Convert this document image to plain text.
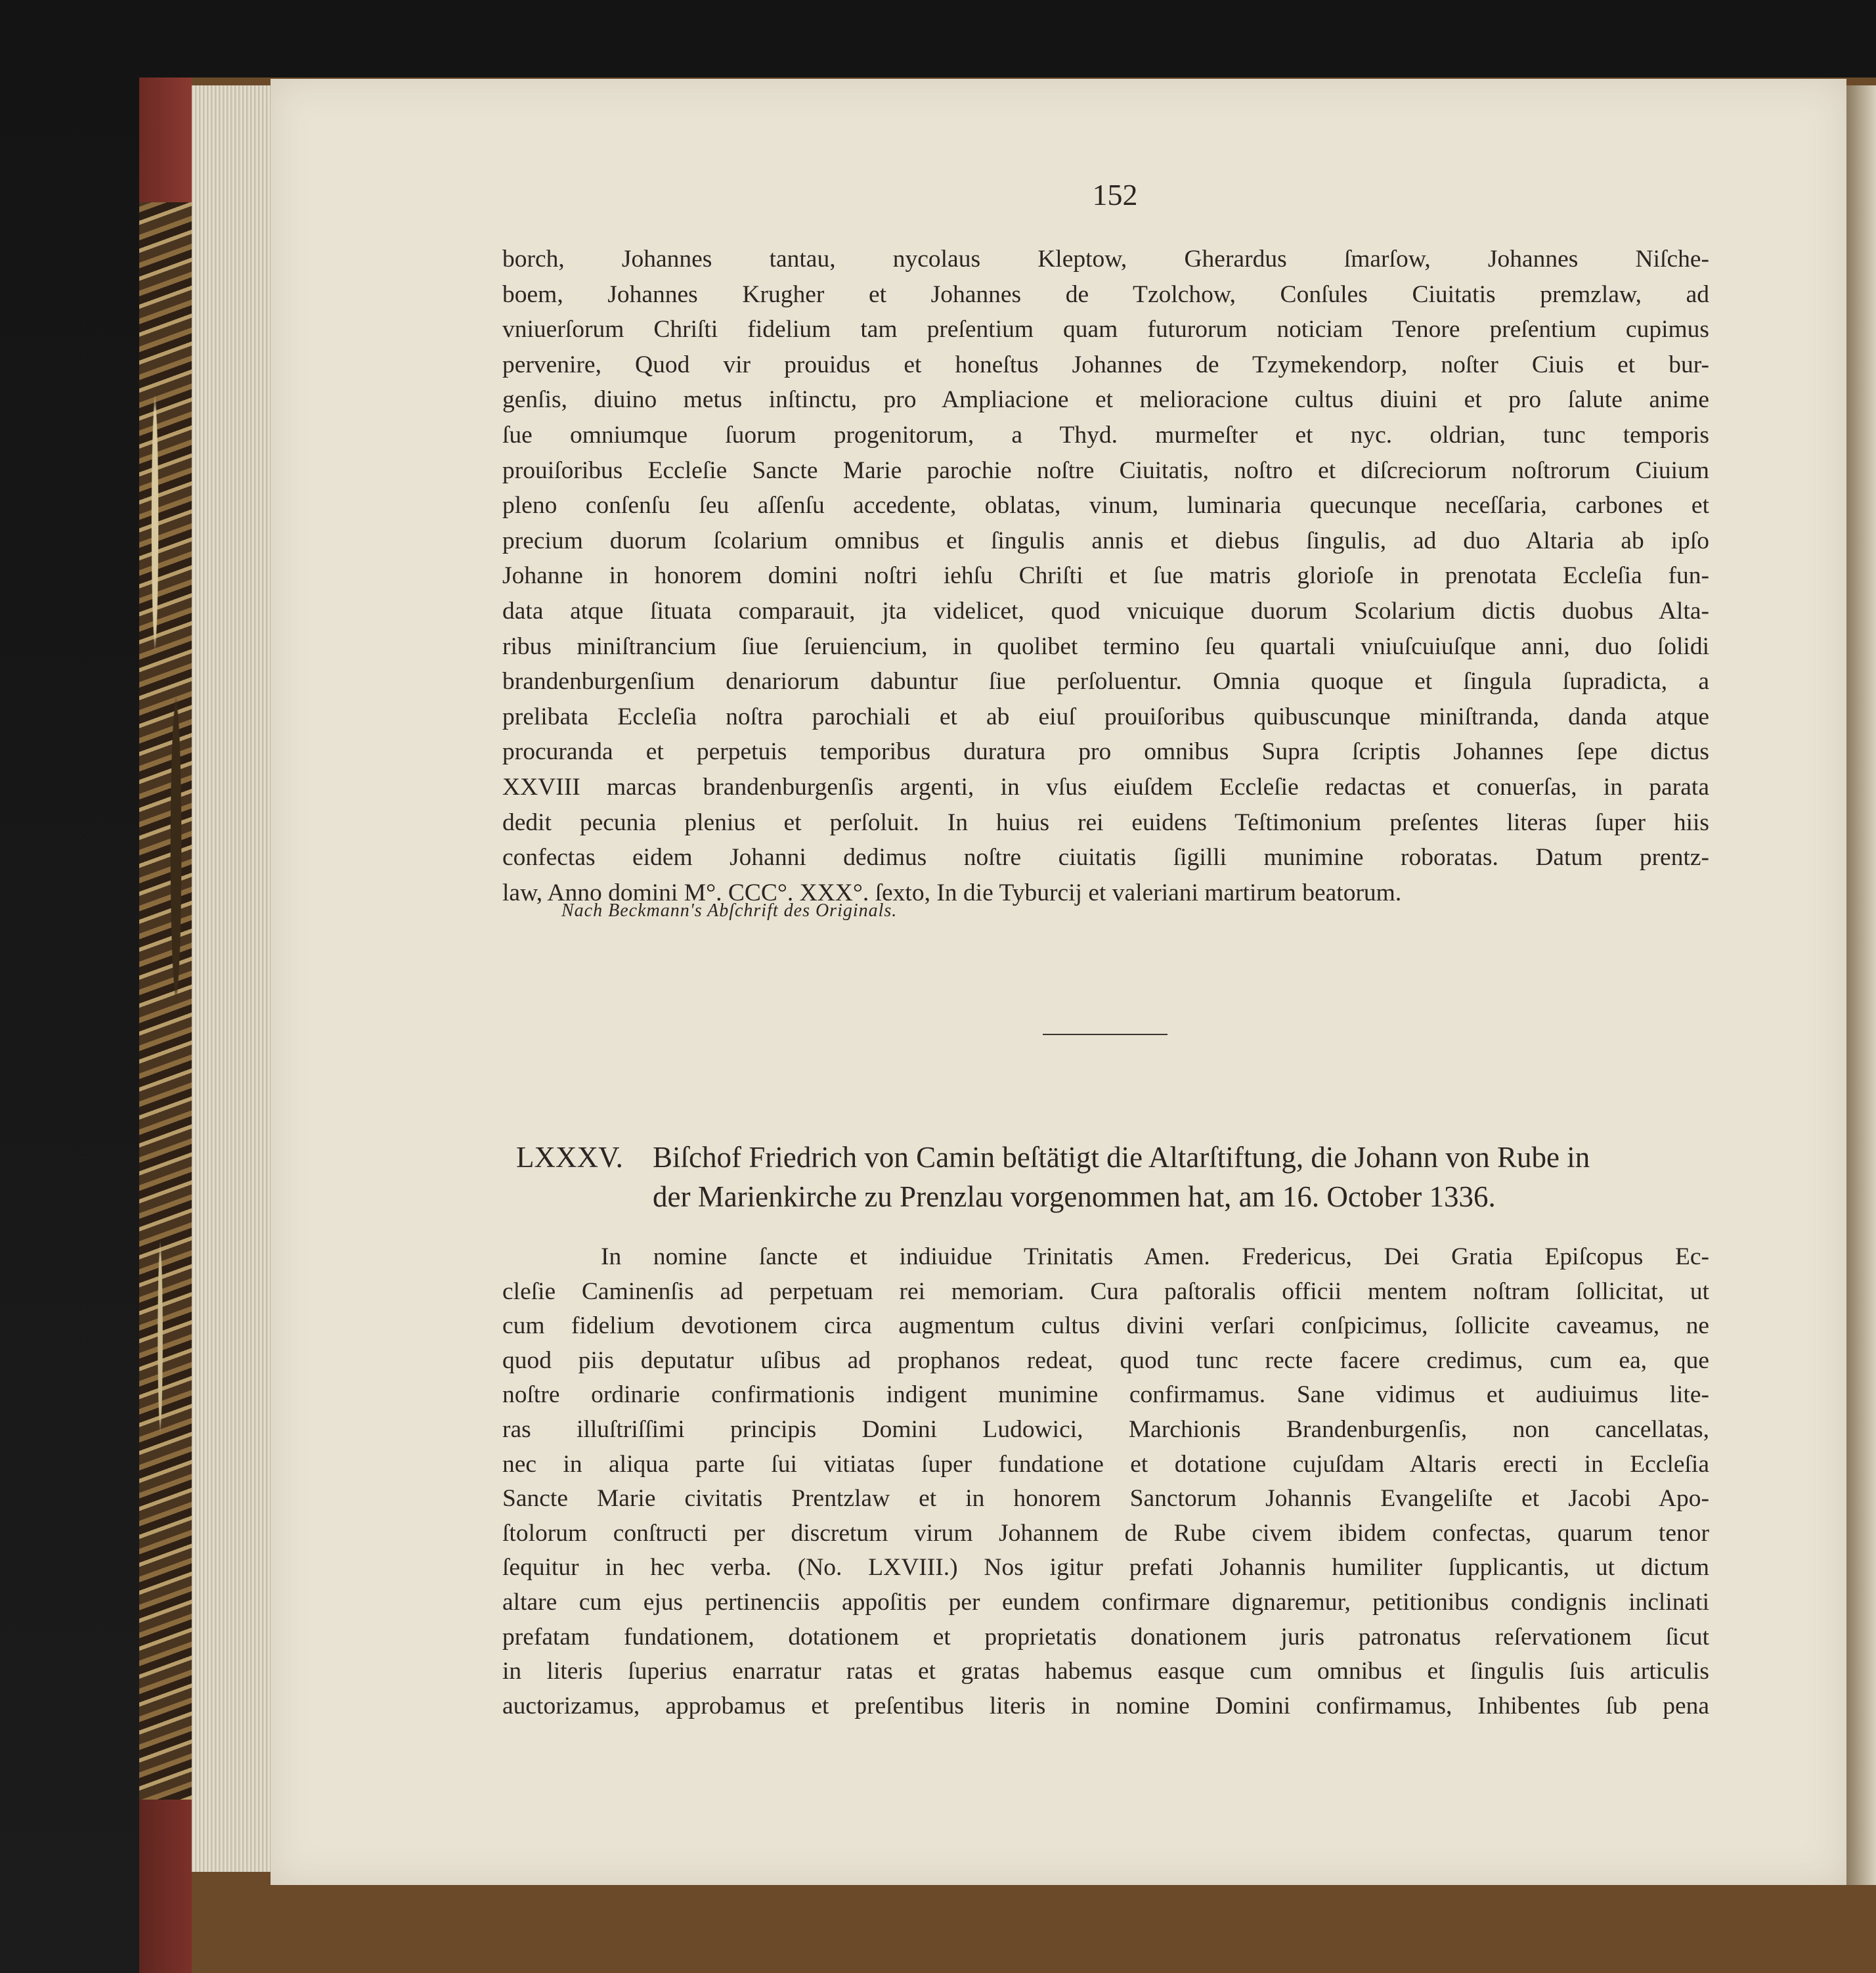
152
borch, Johannes tantau, nycolaus Kleptow, Gherardus ſmarſow, Johannes Niſche-
boem, Johannes Krugher et Johannes de Tzolchow, Conſules Ciuitatis premzlaw, ad
vniuerſorum Chriſti fidelium tam preſentium quam futurorum noticiam Tenore preſentium cupimus
pervenire, Quod vir prouidus et honeſtus Johannes de Tzymekendorp, noſter Ciuis et bur-
genſis, diuino metus inſtinctu, pro Ampliacione et melioracione cultus diuini et pro ſalute anime
ſue omniumque ſuorum progenitorum, a Thyd. murmeſter et nyc. oldrian, tunc temporis
prouiſoribus Eccleſie Sancte Marie parochie noſtre Ciuitatis, noſtro et diſcreciorum noſtrorum Ciuium
pleno conſenſu ſeu aſſenſu accedente, oblatas, vinum, luminaria quecunque neceſſaria, carbones et
precium duorum ſcolarium omnibus et ſingulis annis et diebus ſingulis, ad duo Altaria ab ipſo
Johanne in honorem domini noſtri iehſu Chriſti et ſue matris glorioſe in prenotata Eccleſia fun-
data atque ſituata comparauit, jta videlicet, quod vnicuique duorum Scolarium dictis duobus Alta-
ribus miniſtrancium ſiue ſeruiencium, in quolibet termino ſeu quartali vniuſcuiuſque anni, duo ſolidi
brandenburgenſium denariorum dabuntur ſiue perſoluentur. Omnia quoque et ſingula ſupradicta, a
prelibata Eccleſia noſtra parochiali et ab eiuſ prouiſoribus quibuscunque miniſtranda, danda atque
procuranda et perpetuis temporibus duratura pro omnibus Supra ſcriptis Johannes ſepe dictus
XXVIII marcas brandenburgenſis argenti, in vſus eiuſdem Eccleſie redactas et conuerſas, in parata
dedit pecunia plenius et perſoluit. In huius rei euidens Teſtimonium preſentes literas ſuper hiis
confectas eidem Johanni dedimus noſtre ciuitatis ſigilli munimine roboratas. Datum prentz-
law, Anno domini M°. CCC°. XXX°. ſexto, In die Tyburcij et valeriani martirum beatorum.
Nach Beckmann's Abſchrift des Originals.
LXXXV. Biſchof Friedrich von Camin beſtätigt die Altarſtiftung, die Johann von Rube in
der Marienkirche zu Prenzlau vorgenommen hat, am 16. October 1336.
In nomine ſancte et indiuidue Trinitatis Amen. Fredericus, Dei Gratia Epiſcopus Ec-
cleſie Caminenſis ad perpetuam rei memoriam. Cura paſtoralis officii mentem noſtram ſollicitat, ut
cum fidelium devotionem circa augmentum cultus divini verſari conſpicimus, ſollicite caveamus, ne
quod piis deputatur uſibus ad prophanos redeat, quod tunc recte facere credimus, cum ea, que
noſtre ordinarie confirmationis indigent munimine confirmamus. Sane vidimus et audiuimus lite-
ras illuſtriſſimi principis Domini Ludowici, Marchionis Brandenburgenſis, non cancellatas,
nec in aliqua parte ſui vitiatas ſuper fundatione et dotatione cujuſdam Altaris erecti in Eccleſia
Sancte Marie civitatis Prentzlaw et in honorem Sanctorum Johannis Evangeliſte et Jacobi Apo-
ſtolorum conſtructi per discretum virum Johannem de Rube civem ibidem confectas, quarum tenor
ſequitur in hec verba. (No. LXVIII.) Nos igitur prefati Johannis humiliter ſupplicantis, ut dictum
altare cum ejus pertinenciis appoſitis per eundem confirmare dignaremur, petitionibus condignis inclinati
prefatam fundationem, dotationem et proprietatis donationem juris patronatus reſervationem ſicut
in literis ſuperius enarratur ratas et gratas habemus easque cum omnibus et ſingulis ſuis articulis
auctorizamus, approbamus et preſentibus literis in nomine Domini confirmamus, Inhibentes ſub pena
